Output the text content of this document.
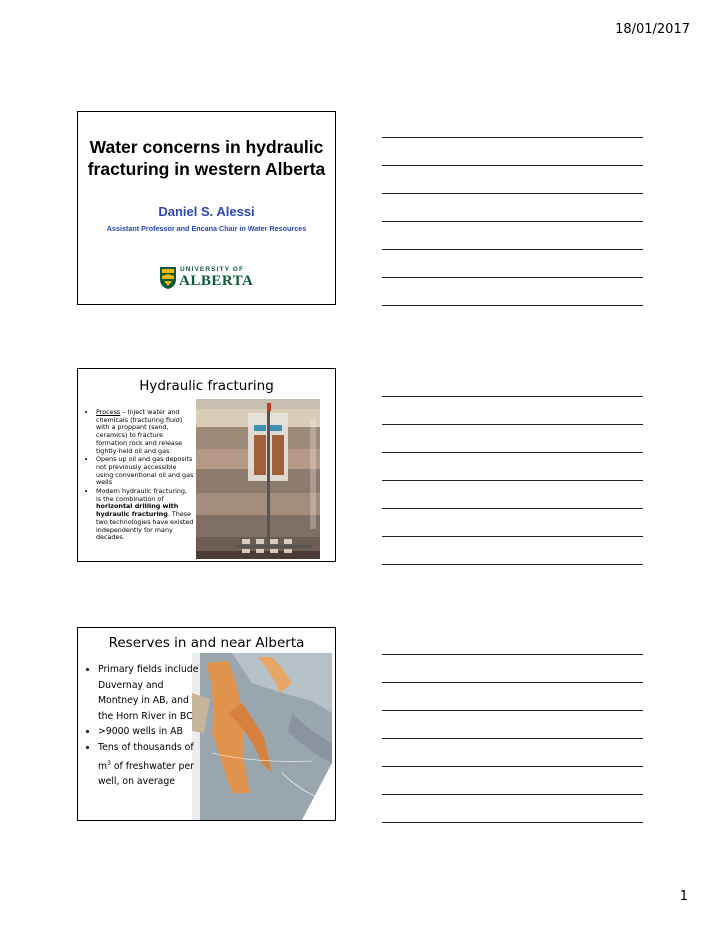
18/01/2017
Water concerns in hydraulic fracturing in western Alberta
Daniel S. Alessi
Assistant Professor and Encana Chair in Water Resources
UNIVERSITY OF
ALBERTA
Hydraulic fracturing
• Process – Inject water and chemicals (fracturing fluid) with a proppant (sand, ceramics) to fracture formation rock and release tightly-held oil and gas
• Opens up oil and gas deposits not previously accessible using conventional oil and gas wells
• Modern hydraulic fracturing, is the combination of horizontal drilling with hydraulic fracturing. These two technologies have existed independently for many decades.
Reserves in and near Alberta
• Primary fields include Duvernay and Montney in AB, and the Horn River in BC
• >9000 wells in AB
• Tens of thousands of $m^3$ of freshwater per well, on average
1
